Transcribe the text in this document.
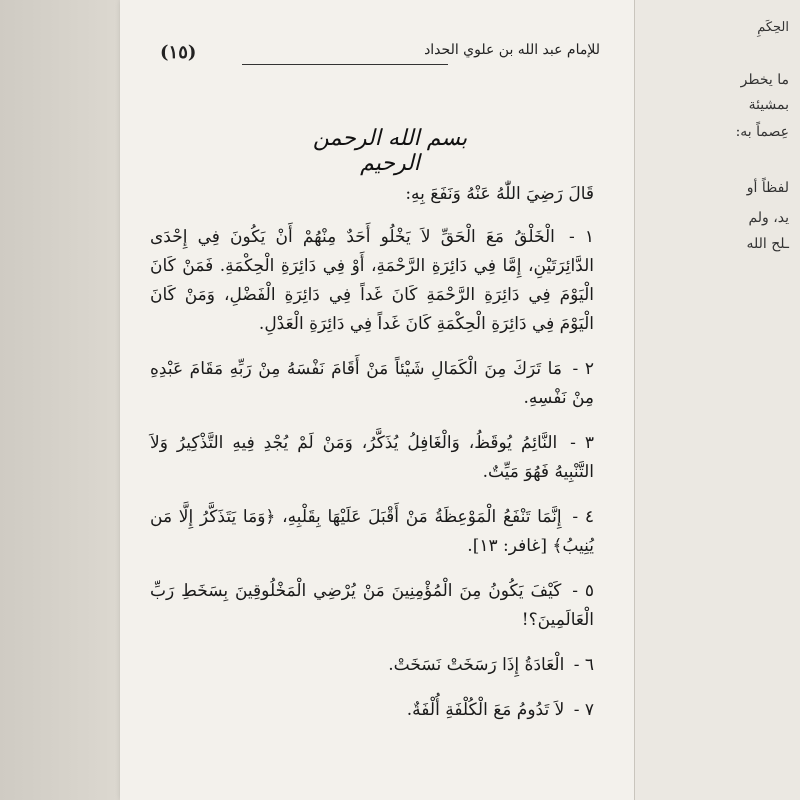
الحِكَمِ
ما يخطر
بمشيئة
عِصماً به:
لفظاً أو
يد، ولم
ـلح الله
للإمام عبد الله بن علوي الحداد
(١٥)
بسم الله الرحمن الرحيم
قَالَ رَضِيَ اللّٰهُ عَنْهُ وَنَفَعَ بِهِ:
١ - الْخَلْقُ مَعَ الْحَقِّ لاَ يَخْلُو أَحَدٌ مِنْهُمْ أَنْ يَكُونَ فِي إِحْدَى الدَّائِرَتَيْنِ، إِمَّا فِي دَائِرَةِ الرَّحْمَةِ، أَوْ فِي دَائِرَةِ الْحِكْمَةِ. فَمَنْ كَانَ الْيَوْمَ فِي دَائِرَةِ الرَّحْمَةِ كَانَ غَداً فِي دَائِرَةِ الْفَضْلِ، وَمَنْ كَانَ الْيَوْمَ فِي دَائِرَةِ الْحِكْمَةِ كَانَ غَداً فِي دَائِرَةِ الْعَدْلِ.
٢ - مَا تَرَكَ مِنَ الْكَمَالِ شَيْئاً مَنْ أَقَامَ نَفْسَهُ مِنْ رَبِّهِ مَقَامَ عَبْدِهِ مِنْ نَفْسِهِ.
٣ - النَّائِمُ يُوقَظُ، وَالْغَافِلُ يُذَكَّرُ، وَمَنْ لَمْ يُجْدِ فِيهِ التَّذْكِيرُ وَلاَ التَّنْبِيهُ فَهُوَ مَيِّتٌ.
٤ - إِنَّمَا تَنْفَعُ الْمَوْعِظَةُ مَنْ أَقْبَلَ عَلَيْهَا بِقَلْبِهِ، ﴿وَمَا يَتَذَكَّرُ إِلَّا مَن يُنِيبُ﴾ [غافر: ١٣].
٥ - كَيْفَ يَكُونُ مِنَ الْمُؤْمِنِينَ مَنْ يُرْضِي الْمَخْلُوقِينَ بِسَخَطِ رَبِّ الْعَالَمِينَ؟!
٦ - الْعَادَةُ إِذَا رَسَخَتْ نَسَخَتْ.
٧ - لاَ تَدُومُ مَعَ الْكُلْفَةِ أُلْفَةٌ.
